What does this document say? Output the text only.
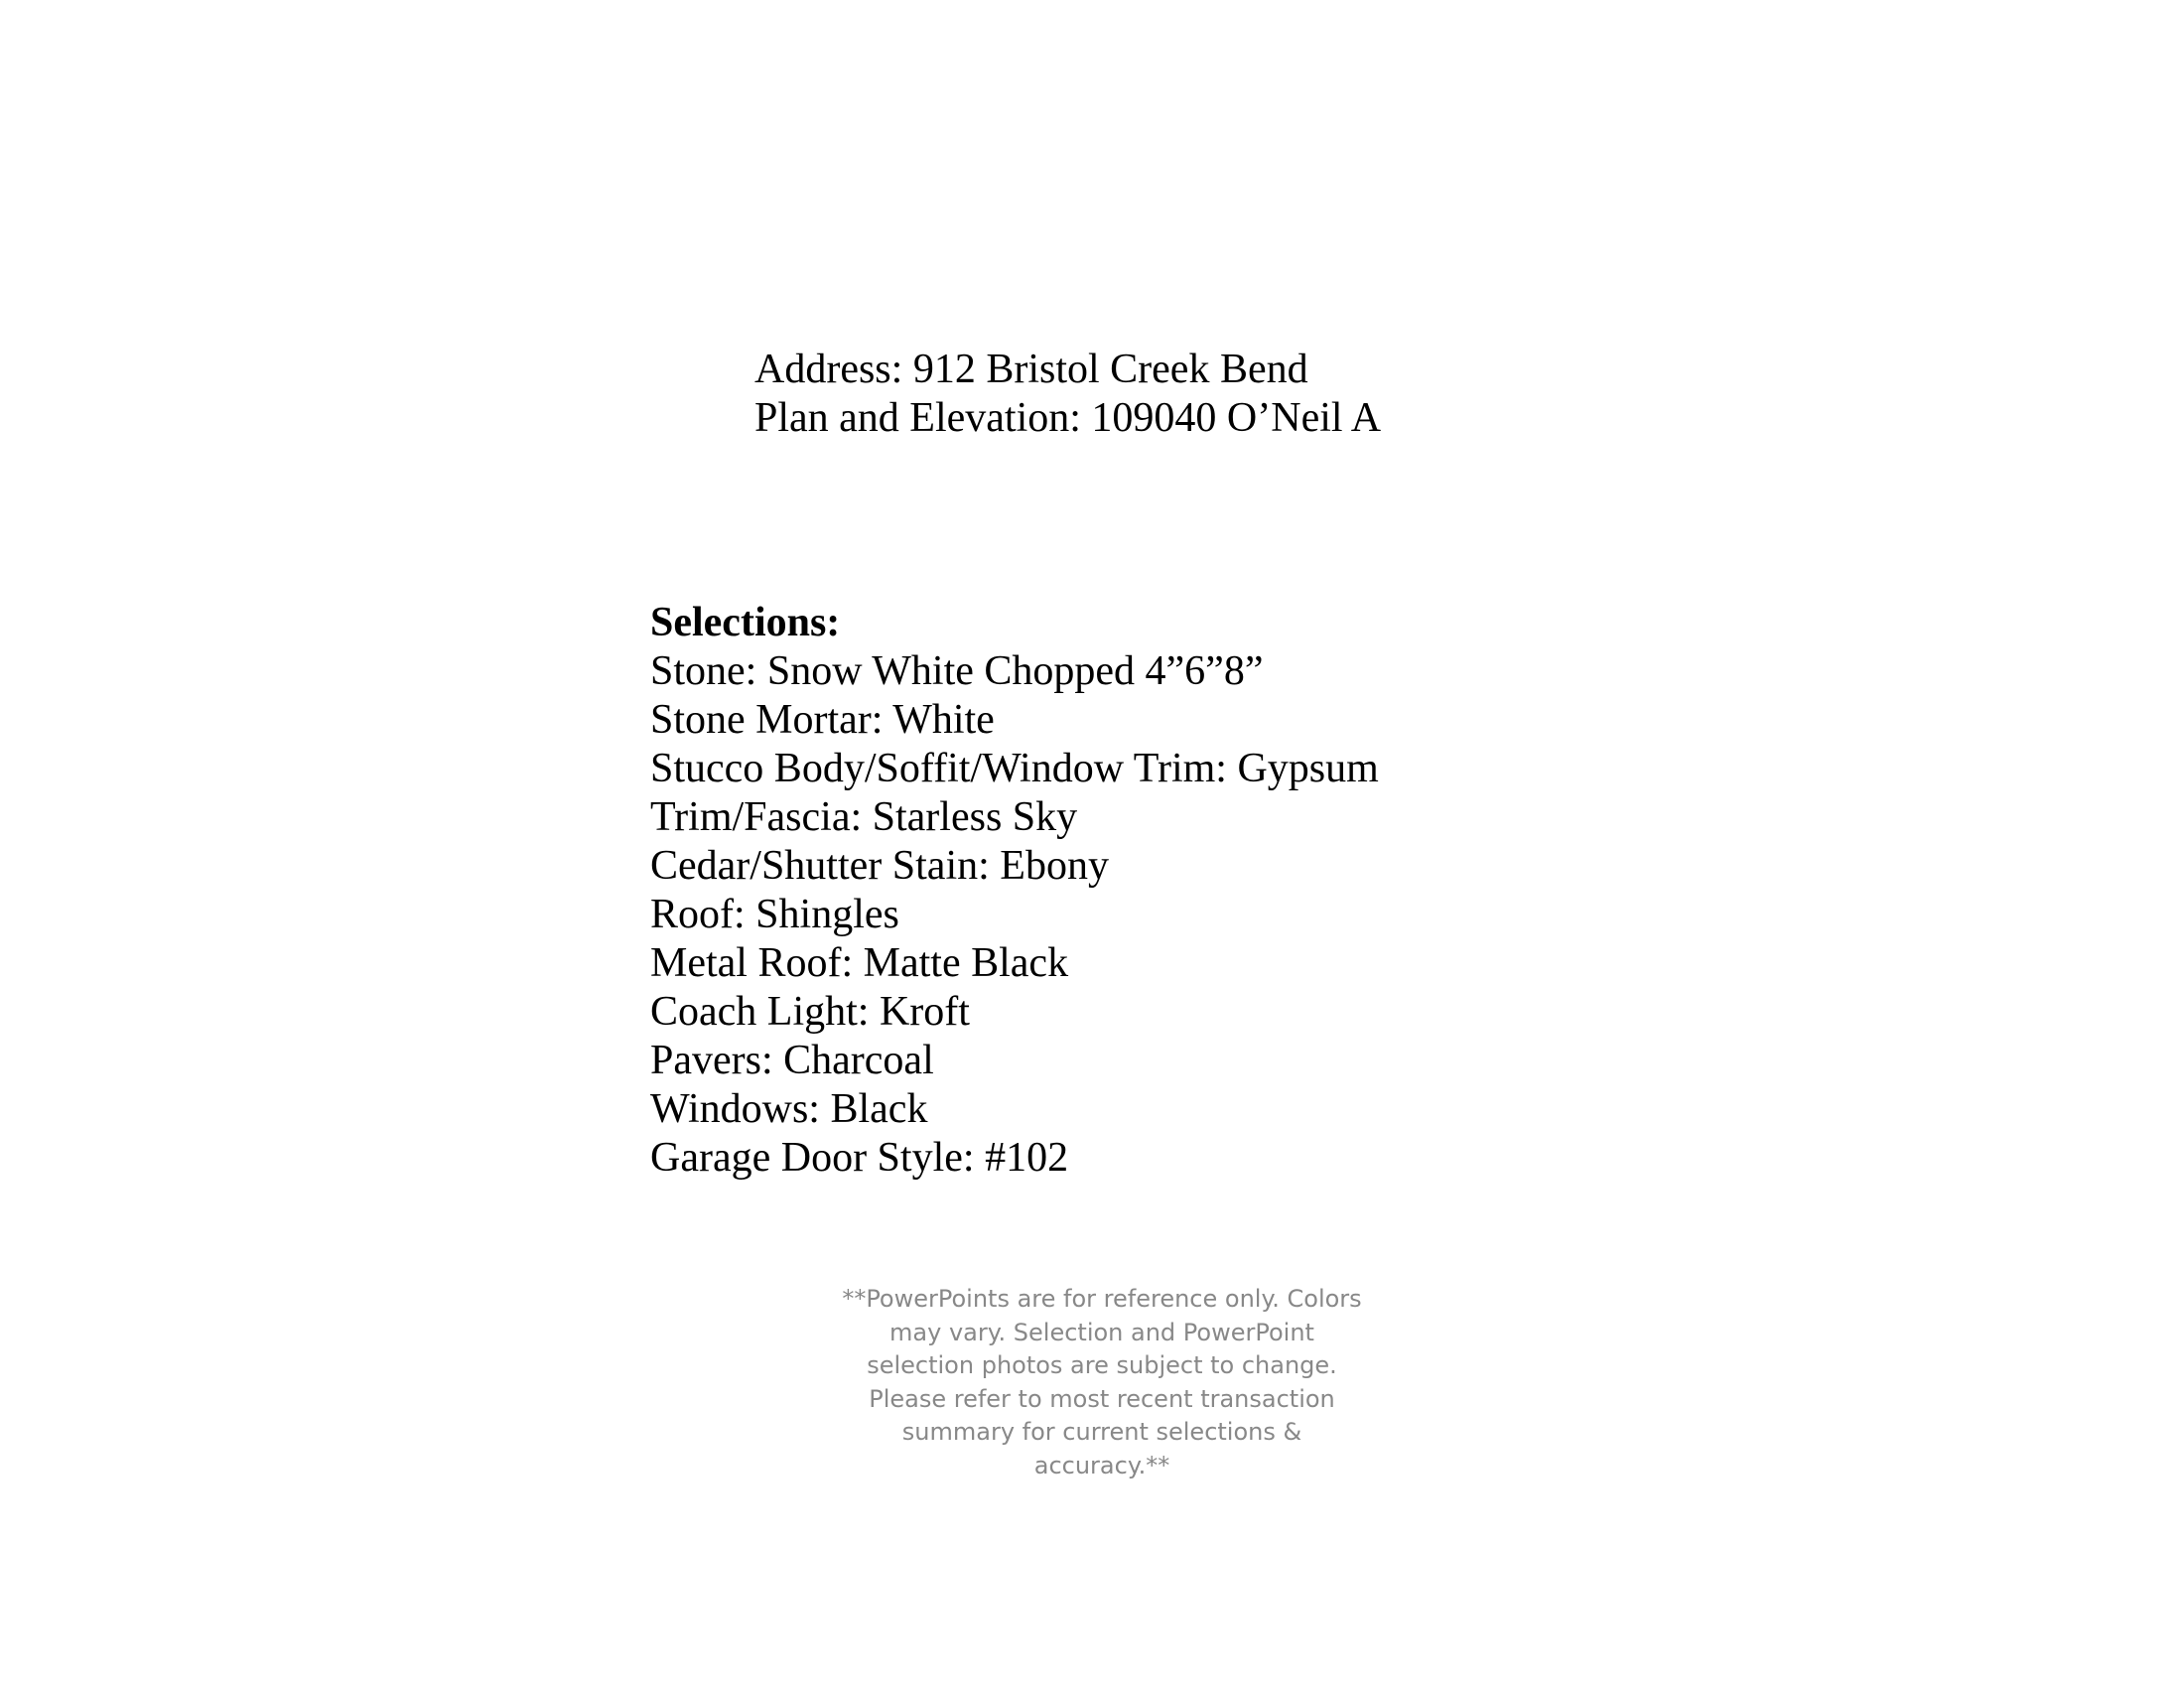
Address: 912 Bristol Creek Bend
Plan and Elevation: 109040 O’Neil A
Selections:
Stone: Snow White Chopped 4”6”8”
Stone Mortar: White
Stucco Body/Soffit/Window Trim: Gypsum
Trim/Fascia: Starless Sky
Cedar/Shutter Stain: Ebony
Roof: Shingles
Metal Roof: Matte Black
Coach Light: Kroft
Pavers: Charcoal
Windows: Black
Garage Door Style: #102
**PowerPoints are for reference only. Colors may vary. Selection and PowerPoint selection photos are subject to change. Please refer to most recent transaction summary for current selections & accuracy.**
